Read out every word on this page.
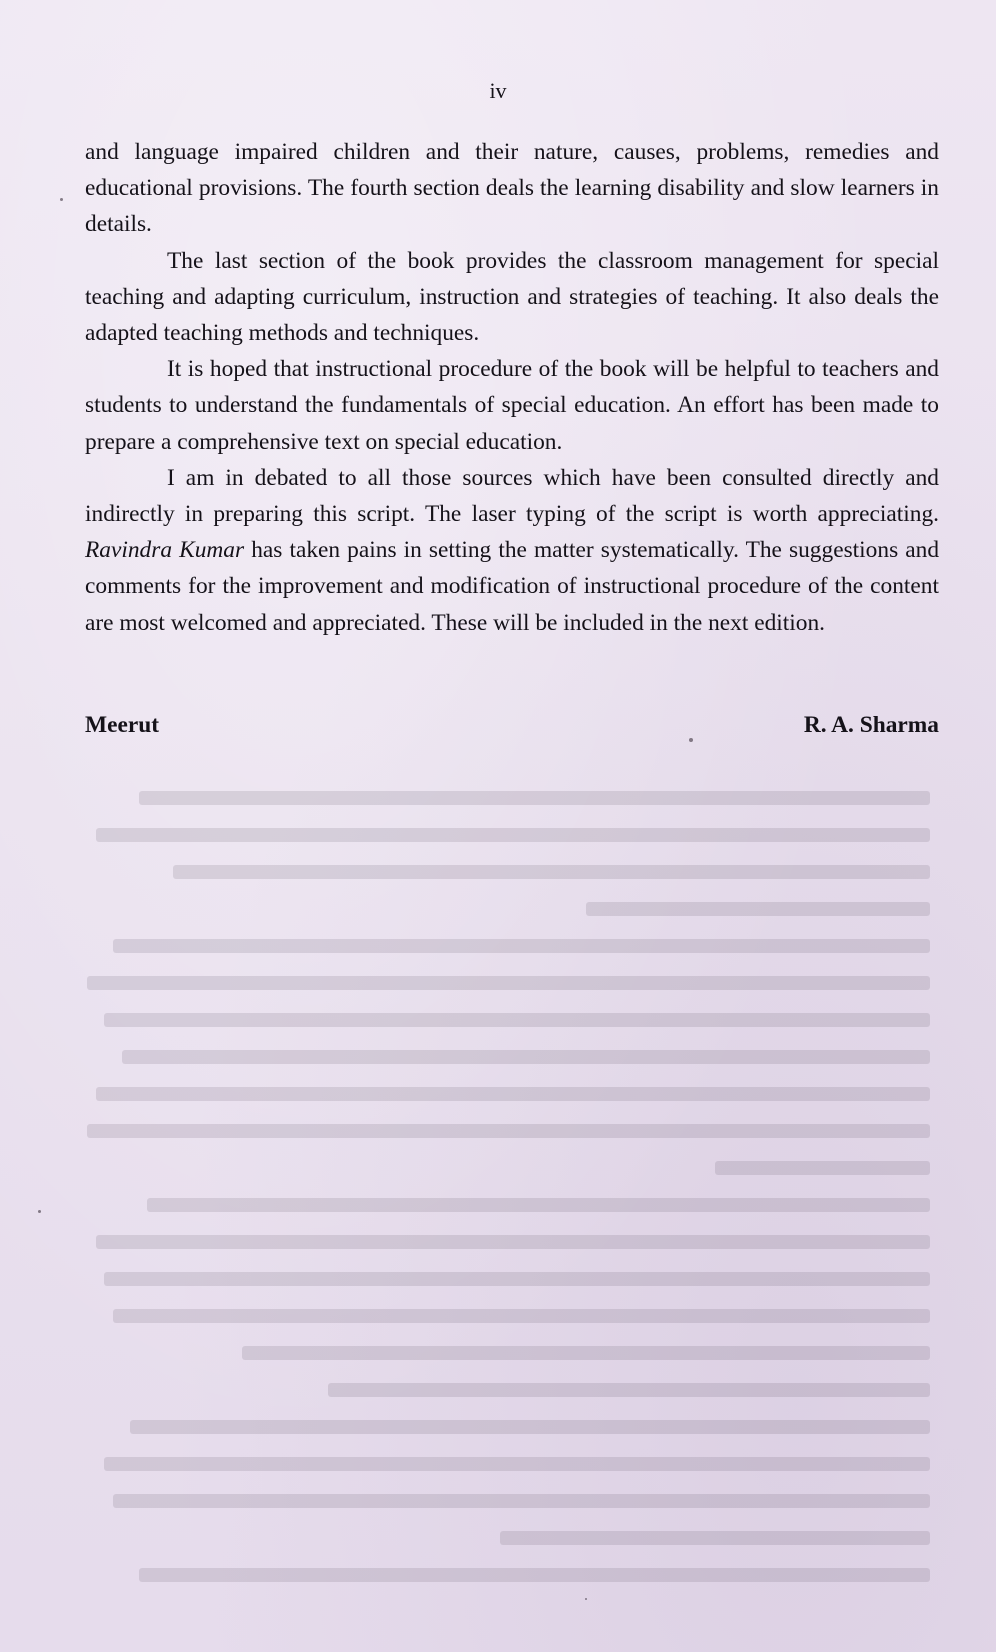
iv

and language impaired children and their nature, causes, problems, remedies and educational provisions. The fourth section deals the learning disability and slow learners in details.

The last section of the book provides the classroom management for special teaching and adapting curriculum, instruction and strategies of teaching. It also deals the adapted teaching methods and techniques.

It is hoped that instructional procedure of the book will be helpful to teachers and students to understand the fundamentals of special education. An effort has been made to prepare a comprehensive text on special education.

I am in debated to all those sources which have been consulted directly and indirectly in preparing this script. The laser typing of the script is worth appreciating. Ravindra Kumar has taken pains in setting the matter systematically. The suggestions and comments for the improvement and modification of instructional procedure of the content are most welcomed and appreciated. These will be included in the next edition.

Meerut	R. A. Sharma
